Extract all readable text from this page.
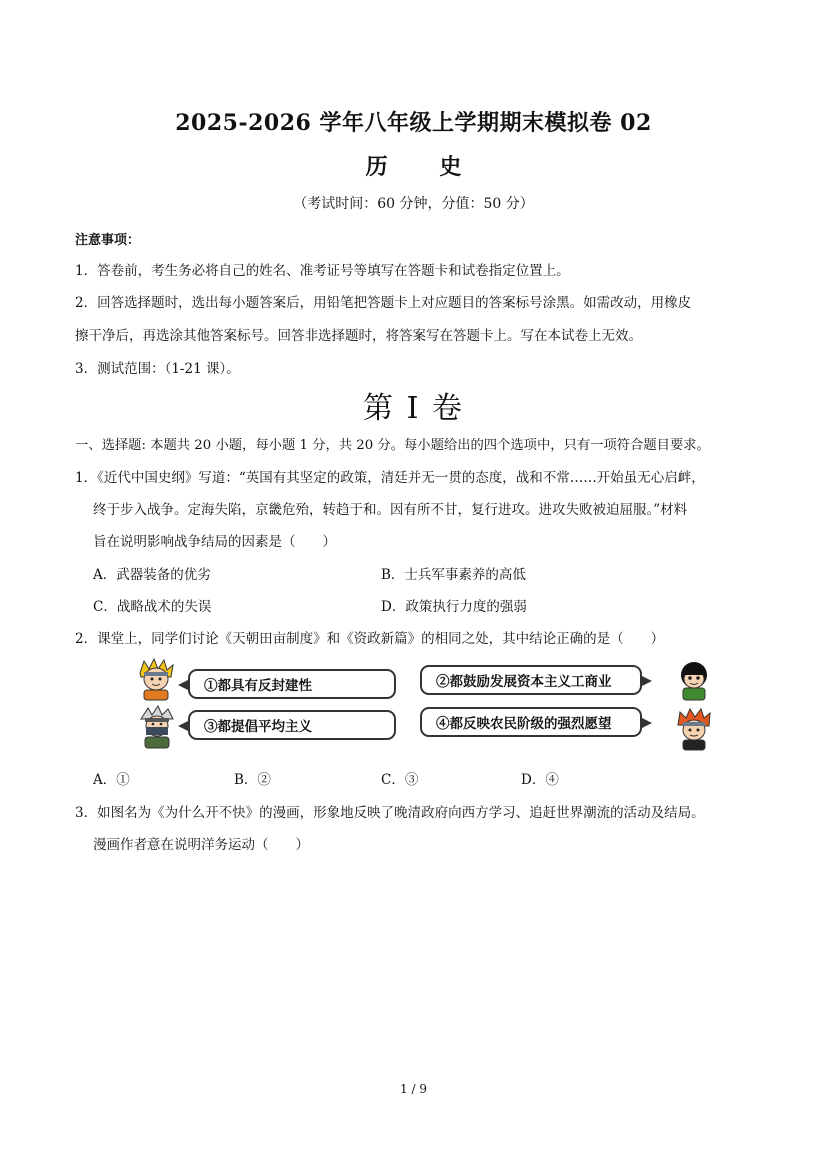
2025-2026 学年八年级上学期期末模拟卷 02
历 史
（考试时间：60 分钟，分值：50 分）
注意事项：
1．答卷前，考生务必将自己的姓名、准考证号等填写在答题卡和试卷指定位置上。
2．回答选择题时，选出每小题答案后，用铅笔把答题卡上对应题目的答案标号涂黑。如需改动，用橡皮
擦干净后，再选涂其他答案标号。回答非选择题时，将答案写在答题卡上。写在本试卷上无效。
3．测试范围：（1-21 课）。
第 I 卷
一、选择题: 本题共 20 小题，每小题 1 分，共 20 分。每小题给出的四个选项中，只有一项符合题目要求。
1．《近代中国史纲》写道：“英国有其坚定的政策，清廷并无一贯的态度，战和不常……开始虽无心启衅，
终于步入战争。定海失陷，京畿危殆，转趋于和。因有所不甘，复行进攻。进攻失败被迫屈服。”材料
旨在说明影响战争结局的因素是（　　）
A．武器装备的优劣	B．士兵军事素养的高低
C．战略战术的失误	D．政策执行力度的强弱
2．课堂上，同学们讨论《天朝田亩制度》和《资政新篇》的相同之处，其中结论正确的是（　　）
①都具有反封建性	②都鼓励发展资本主义工商业
③都提倡平均主义	④都反映农民阶级的强烈愿望
A．①	B．②	C．③	D．④
3．如图名为《为什么开不快》的漫画，形象地反映了晚清政府向西方学习、追赶世界潮流的活动及结局。
漫画作者意在说明洋务运动（　　）
1 / 9
